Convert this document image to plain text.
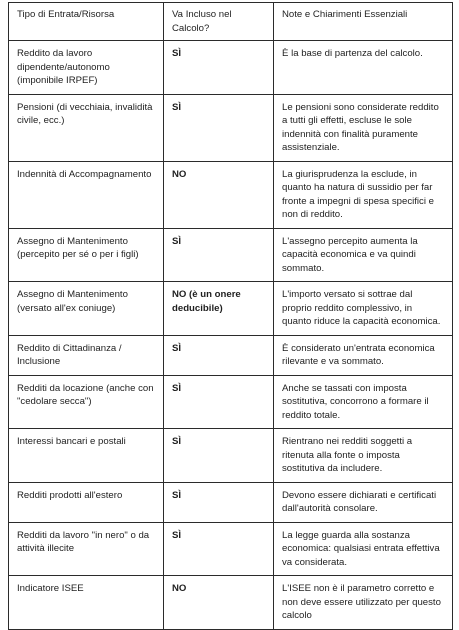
Tipo di Entrata/Risorsa	Va Incluso nel Calcolo?	Note e Chiarimenti Essenziali
Reddito da lavoro dipendente/autonomo (imponibile IRPEF)	SÌ	È la base di partenza del calcolo.
Pensioni (di vecchiaia, invalidità civile, ecc.)	SÌ	Le pensioni sono considerate reddito a tutti gli effetti, escluse le sole indennità con finalità puramente assistenziale.
Indennità di Accompagnamento	NO	La giurisprudenza la esclude, in quanto ha natura di sussidio per far fronte a impegni di spesa specifici e non di reddito.
Assegno di Mantenimento (percepito per sé o per i figli)	SÌ	L'assegno percepito aumenta la capacità economica e va quindi sommato.
Assegno di Mantenimento (versato all'ex coniuge)	NO (è un onere deducibile)	L'importo versato si sottrae dal proprio reddito complessivo, in quanto riduce la capacità economica.
Reddito di Cittadinanza / Inclusione	SÌ	È considerato un'entrata economica rilevante e va sommato.
Redditi da locazione (anche con "cedolare secca")	SÌ	Anche se tassati con imposta sostitutiva, concorrono a formare il reddito totale.
Interessi bancari e postali	SÌ	Rientrano nei redditi soggetti a ritenuta alla fonte o imposta sostitutiva da includere.
Redditi prodotti all'estero	SÌ	Devono essere dichiarati e certificati dall'autorità consolare.
Redditi da lavoro "in nero" o da attività illecite	SÌ	La legge guarda alla sostanza economica: qualsiasi entrata effettiva va considerata.
Indicatore ISEE	NO	L'ISEE non è il parametro corretto e non deve essere utilizzato per questo calcolo
